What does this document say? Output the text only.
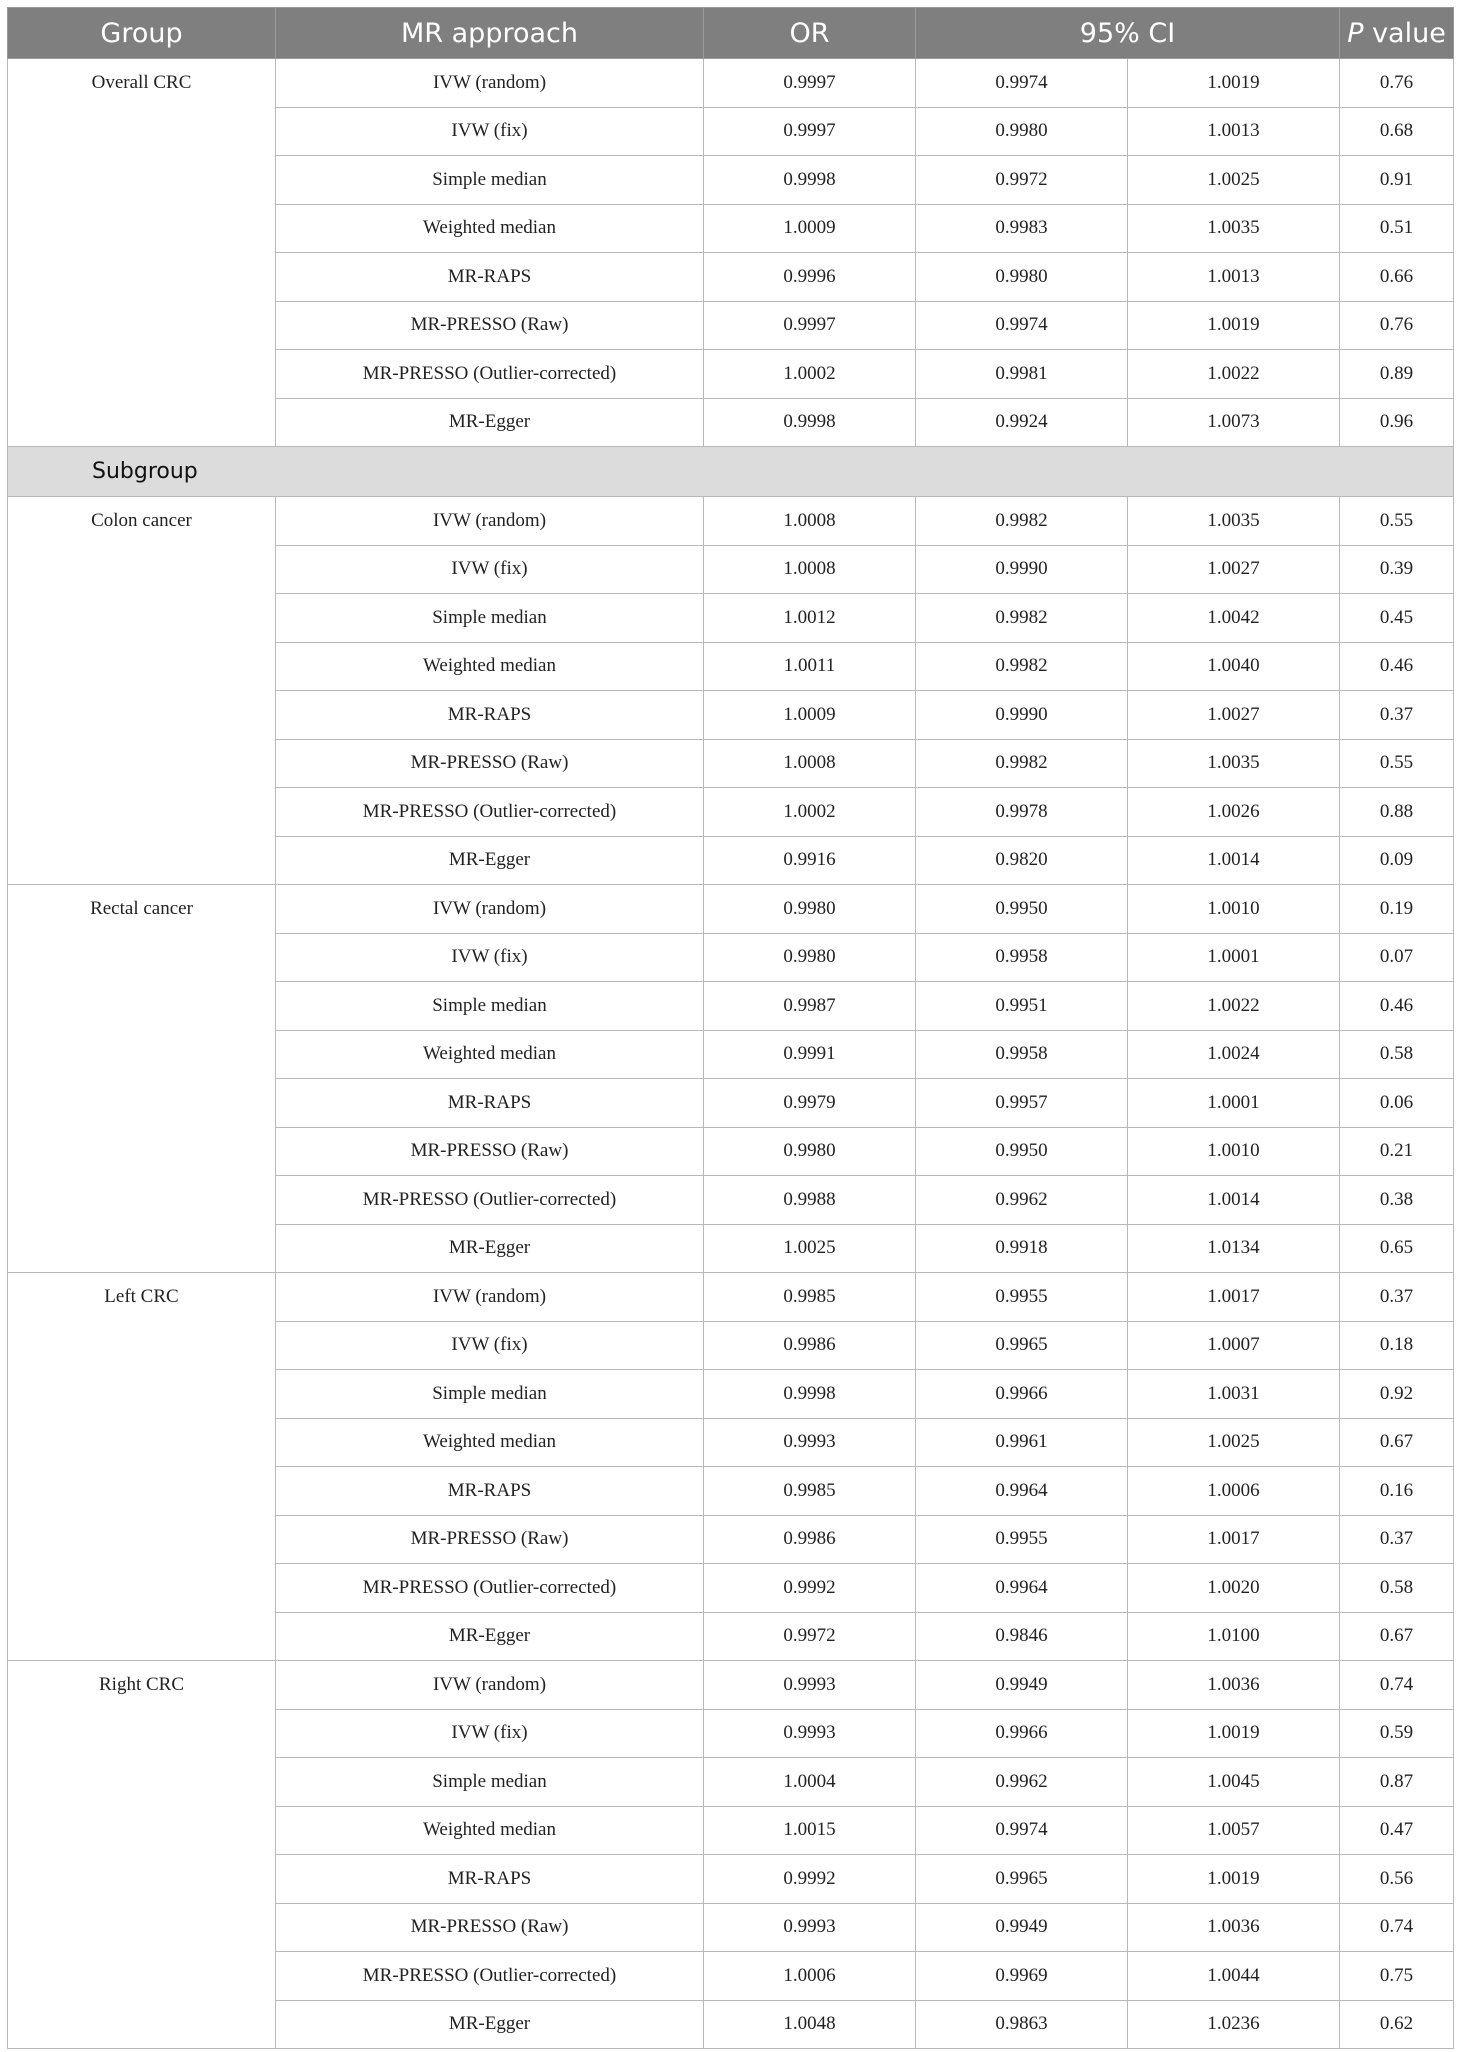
Group	MR approach	OR	95% CI		P value
Overall CRC	IVW (random)	0.9997	0.9974	1.0019	0.76
	IVW (fix)	0.9997	0.9980	1.0013	0.68
	Simple median	0.9998	0.9972	1.0025	0.91
	Weighted median	1.0009	0.9983	1.0035	0.51
	MR-RAPS	0.9996	0.9980	1.0013	0.66
	MR-PRESSO (Raw)	0.9997	0.9974	1.0019	0.76
	MR-PRESSO (Outlier-corrected)	1.0002	0.9981	1.0022	0.89
	MR-Egger	0.9998	0.9924	1.0073	0.96
Subgroup					
Colon cancer	IVW (random)	1.0008	0.9982	1.0035	0.55
	IVW (fix)	1.0008	0.9990	1.0027	0.39
	Simple median	1.0012	0.9982	1.0042	0.45
	Weighted median	1.0011	0.9982	1.0040	0.46
	MR-RAPS	1.0009	0.9990	1.0027	0.37
	MR-PRESSO (Raw)	1.0008	0.9982	1.0035	0.55
	MR-PRESSO (Outlier-corrected)	1.0002	0.9978	1.0026	0.88
	MR-Egger	0.9916	0.9820	1.0014	0.09
Rectal cancer	IVW (random)	0.9980	0.9950	1.0010	0.19
	IVW (fix)	0.9980	0.9958	1.0001	0.07
	Simple median	0.9987	0.9951	1.0022	0.46
	Weighted median	0.9991	0.9958	1.0024	0.58
	MR-RAPS	0.9979	0.9957	1.0001	0.06
	MR-PRESSO (Raw)	0.9980	0.9950	1.0010	0.21
	MR-PRESSO (Outlier-corrected)	0.9988	0.9962	1.0014	0.38
	MR-Egger	1.0025	0.9918	1.0134	0.65
Left CRC	IVW (random)	0.9985	0.9955	1.0017	0.37
	IVW (fix)	0.9986	0.9965	1.0007	0.18
	Simple median	0.9998	0.9966	1.0031	0.92
	Weighted median	0.9993	0.9961	1.0025	0.67
	MR-RAPS	0.9985	0.9964	1.0006	0.16
	MR-PRESSO (Raw)	0.9986	0.9955	1.0017	0.37
	MR-PRESSO (Outlier-corrected)	0.9992	0.9964	1.0020	0.58
	MR-Egger	0.9972	0.9846	1.0100	0.67
Right CRC	IVW (random)	0.9993	0.9949	1.0036	0.74
	IVW (fix)	0.9993	0.9966	1.0019	0.59
	Simple median	1.0004	0.9962	1.0045	0.87
	Weighted median	1.0015	0.9974	1.0057	0.47
	MR-RAPS	0.9992	0.9965	1.0019	0.56
	MR-PRESSO (Raw)	0.9993	0.9949	1.0036	0.74
	MR-PRESSO (Outlier-corrected)	1.0006	0.9969	1.0044	0.75
	MR-Egger	1.0048	0.9863	1.0236	0.62
